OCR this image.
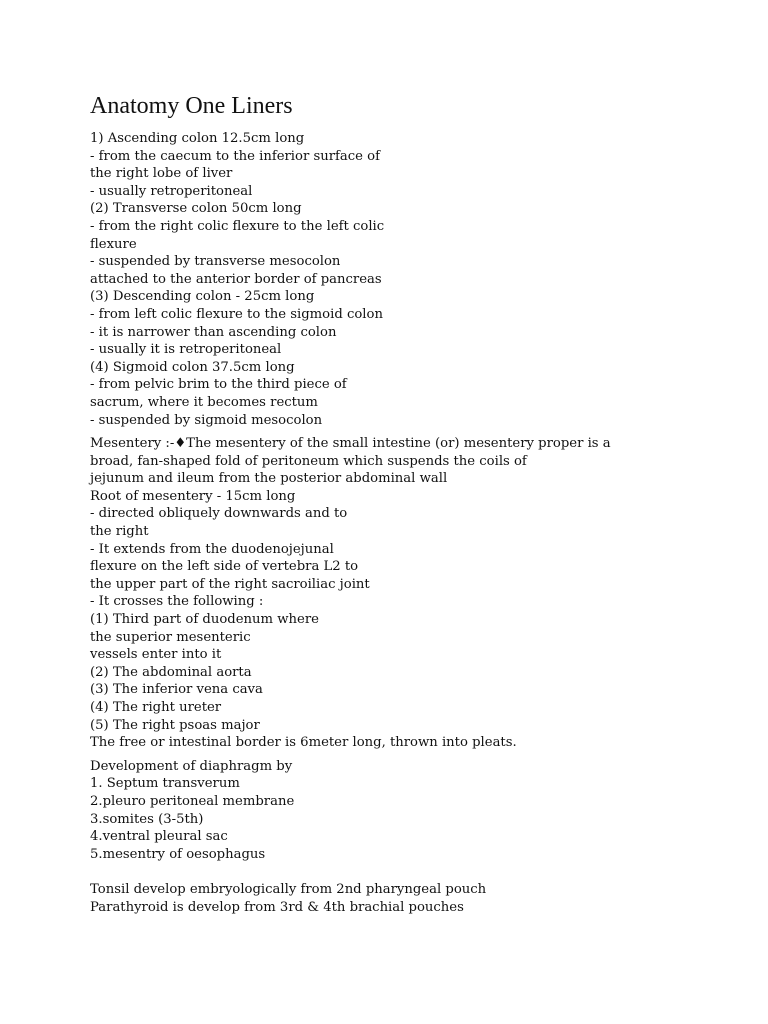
Anatomy One Liners
1) Ascending colon 12.5cm long
- from the caecum to the inferior surface of
the right lobe of liver
- usually retroperitoneal
(2) Transverse colon 50cm long
- from the right colic flexure to the left colic
flexure
- suspended by transverse mesocolon
attached to the anterior border of pancreas
(3) Descending colon - 25cm long
- from left colic flexure to the sigmoid colon
- it is narrower than ascending colon
- usually it is retroperitoneal
(4) Sigmoid colon 37.5cm long
- from pelvic brim to the third piece of
sacrum, where it becomes rectum
- suspended by sigmoid mesocolon
Mesentery :-♦The mesentery of the small intestine (or) mesentery proper is a
broad, fan-shaped fold of peritoneum which suspends the coils of
jejunum and ileum from the posterior abdominal wall
Root of mesentery - 15cm long
- directed obliquely downwards and to
the right
- It extends from the duodenojejunal
flexure on the left side of vertebra L2 to
the upper part of the right sacroiliac joint
- It crosses the following :
(1) Third part of duodenum where
the superior mesenteric
vessels enter into it
(2) The abdominal aorta
(3) The inferior vena cava
(4) The right ureter
(5) The right psoas major
The free or intestinal border is 6meter long, thrown into pleats.
Development of diaphragm by
1. Septum transverum
2.pleuro peritoneal membrane
3.somites (3-5th)
4.ventral pleural sac
5.mesentry of oesophagus
Tonsil develop embryologically from 2nd pharyngeal pouch
Parathyroid is develop from 3rd & 4th brachial pouches
